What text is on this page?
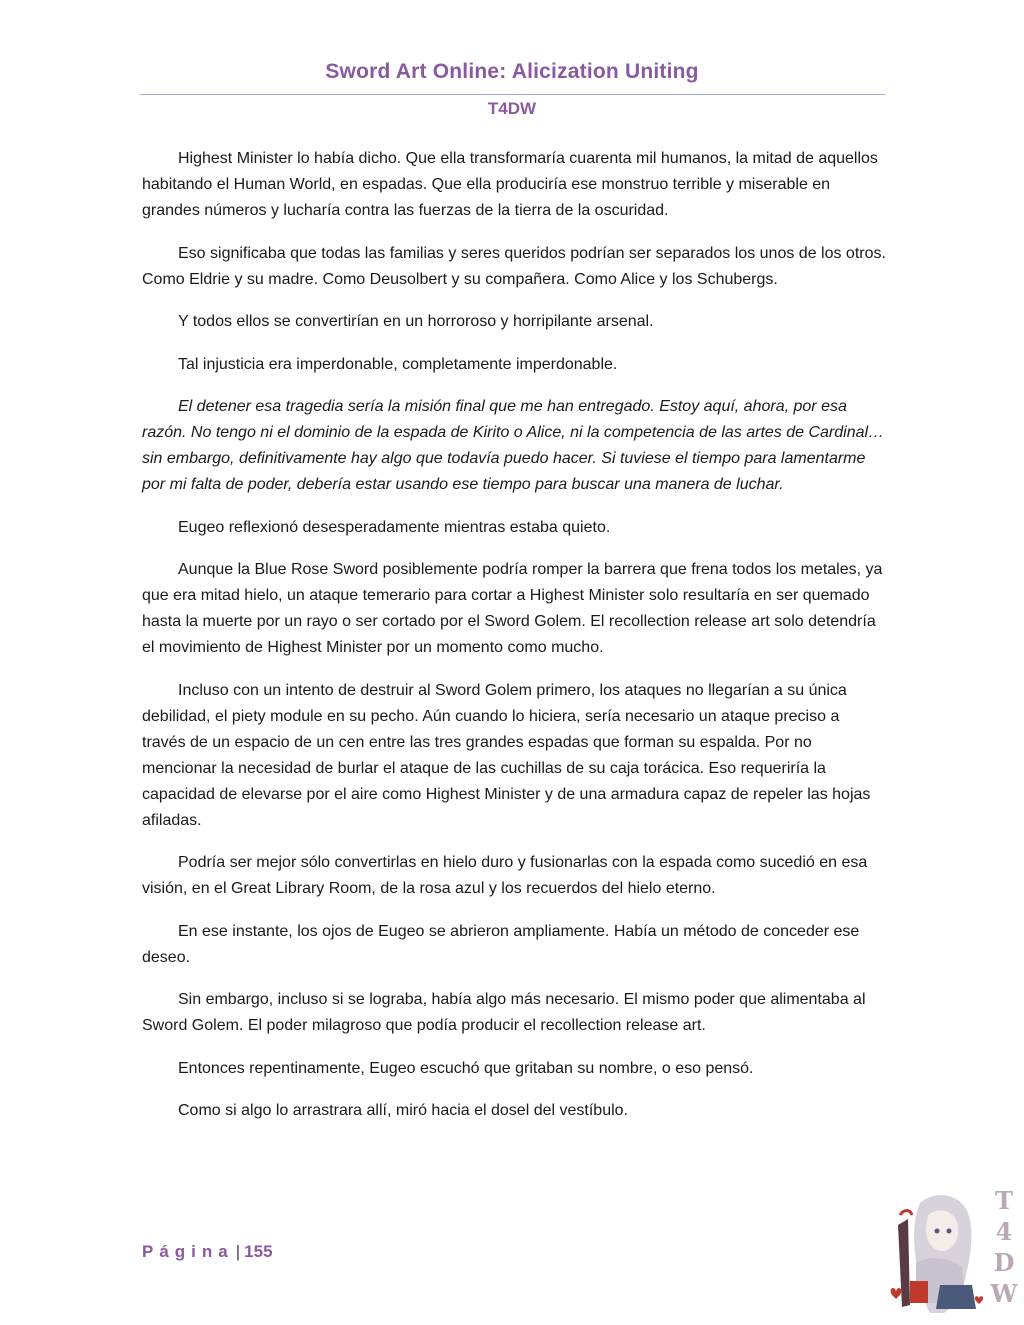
Sword Art Online: Alicization Uniting
T4DW

Highest Minister lo había dicho. Que ella transformaría cuarenta mil humanos, la mitad de aquellos habitando el Human World, en espadas. Que ella produciría ese monstruo terrible y miserable en grandes números y lucharía contra las fuerzas de la tierra de la oscuridad.

Eso significaba que todas las familias y seres queridos podrían ser separados los unos de los otros. Como Eldrie y su madre. Como Deusolbert y su compañera. Como Alice y los Schubergs.

Y todos ellos se convertirían en un horroroso y horripilante arsenal.

Tal injusticia era imperdonable, completamente imperdonable.

El detener esa tragedia sería la misión final que me han entregado. Estoy aquí, ahora, por esa razón. No tengo ni el dominio de la espada de Kirito o Alice, ni la competencia de las artes de Cardinal… sin embargo, definitivamente hay algo que todavía puedo hacer. Si tuviese el tiempo para lamentarme por mi falta de poder, debería estar usando ese tiempo para buscar una manera de luchar.

Eugeo reflexionó desesperadamente mientras estaba quieto.

Aunque la Blue Rose Sword posiblemente podría romper la barrera que frena todos los metales, ya que era mitad hielo, un ataque temerario para cortar a Highest Minister solo resultaría en ser quemado hasta la muerte por un rayo o ser cortado por el Sword Golem. El recollection release art solo detendría el movimiento de Highest Minister por un momento como mucho.

Incluso con un intento de destruir al Sword Golem primero, los ataques no llegarían a su única debilidad, el piety module en su pecho. Aún cuando lo hiciera, sería necesario un ataque preciso a través de un espacio de un cen entre las tres grandes espadas que forman su espalda. Por no mencionar la necesidad de burlar el ataque de las cuchillas de su caja torácica. Eso requeriría la capacidad de elevarse por el aire como Highest Minister y de una armadura capaz de repeler las hojas afiladas.

Podría ser mejor sólo convertirlas en hielo duro y fusionarlas con la espada como sucedió en esa visión, en el Great Library Room, de la rosa azul y los recuerdos del hielo eterno.

En ese instante, los ojos de Eugeo se abrieron ampliamente. Había un método de conceder ese deseo.

Sin embargo, incluso si se lograba, había algo más necesario. El mismo poder que alimentaba al Sword Golem. El poder milagroso que podía producir el recollection release art.

Entonces repentinamente, Eugeo escuchó que gritaban su nombre, o eso pensó.

Como si algo lo arrastrara allí, miró hacia el dosel del vestíbulo.

Página | 155
T
4
D
W
